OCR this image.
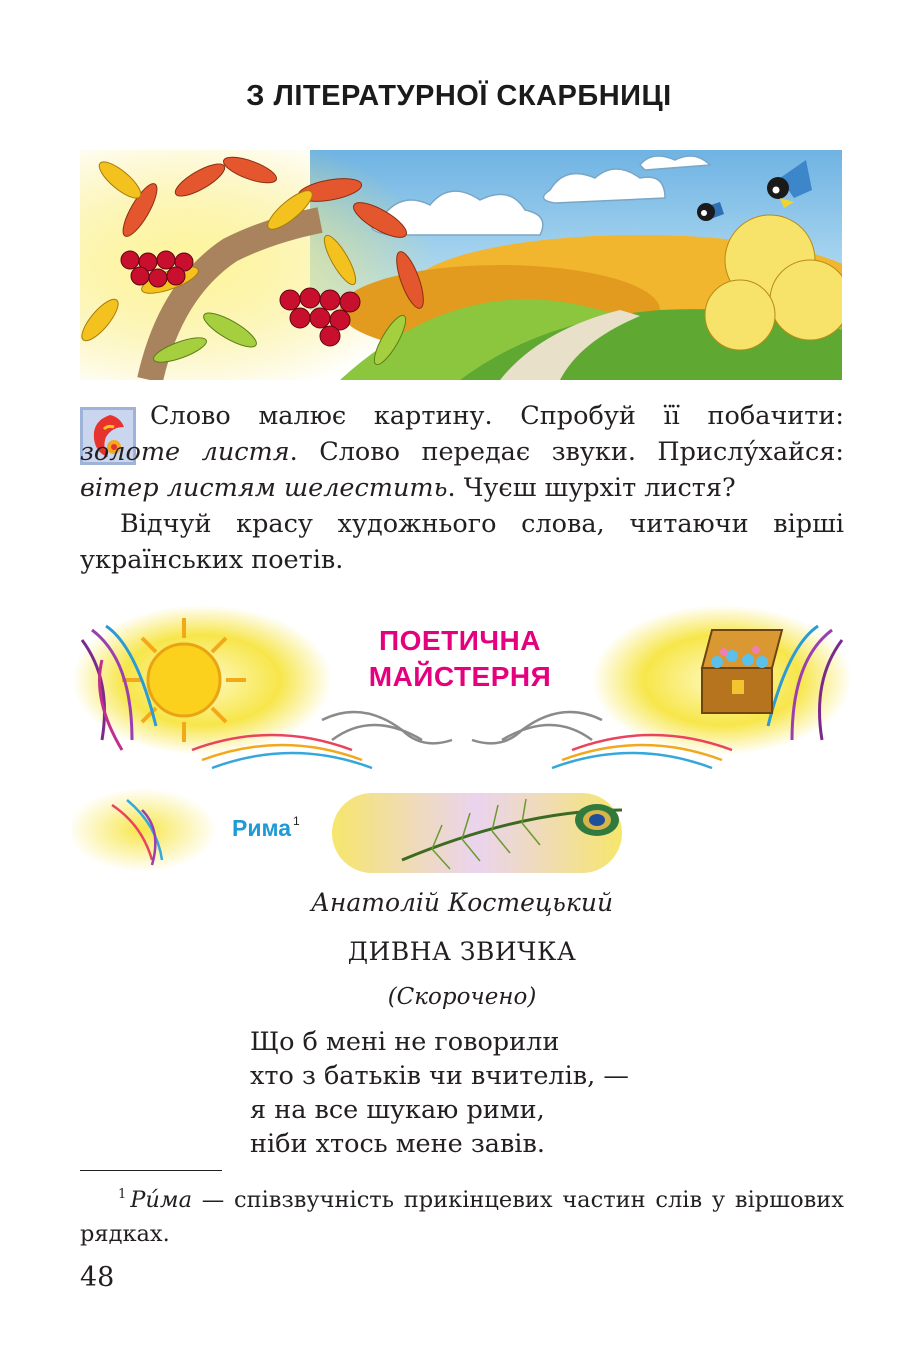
З ЛІТЕРАТУРНОЇ СКАРБНИЦІ

Слово малює картину. Спробуй її побачити: золоте листя. Слово передає звуки. Прислу́хайся: вітер листям шелестить. Чуєш шурхіт листя?

Відчуй красу художнього слова, читаючи вірші українських поетів.

ПОЕТИЧНА
МАЙСТЕРНЯ
Рима $^1$
Анатолій Костецький
ДИВНА ЗВИЧКА
(Скорочено)
Що б мені не говорили
хто з батьків чи вчителів, —
я на все шукаю рими,
ніби хтось мене завів.
$^1$ Ри́ма — співзвучність прикінцевих частин слів у віршових рядках.
48
